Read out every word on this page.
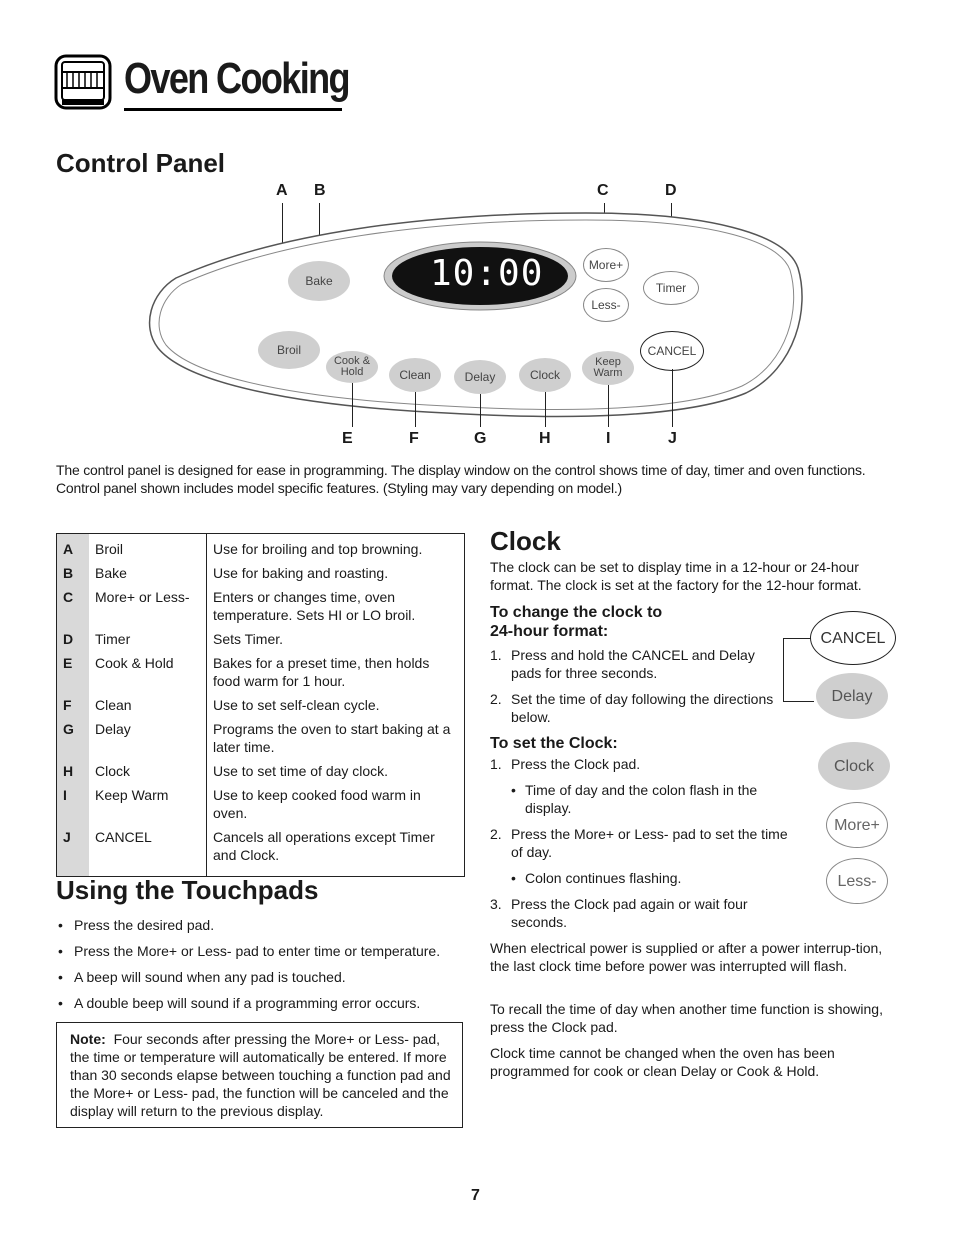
Oven Cooking
Control Panel
A B	C	D
10:00
Bake
Broil
More+
Less-
Timer
CANCEL
Cook &
Hold	Clean	Delay	Clock
Keep
Warm
E	F	G	H	I	J
The control panel is designed for ease in programming. The display window on the control shows time of day, timer and oven functions. Control panel shown includes model specific features. (Styling may vary depending on model.)
A	Broil	Use for broiling and top browning.
B	Bake	Use for baking and roasting.
C	More+ or Less-	Enters or changes time, oven temperature. Sets HI or LO broil.
D	Timer	Sets Timer.
E	Cook & Hold	Bakes for a preset time, then holds food warm for 1 hour.
F	Clean	Use to set self-clean cycle.
G	Delay	Programs the oven to start baking at a later time.
H	Clock	Use to set time of day clock.
I	Keep Warm	Use to keep cooked food warm in oven.
J	CANCEL	Cancels all operations except Timer and Clock.
Using the Touchpads
• Press the desired pad.
• Press the More+ or Less- pad to enter time or temperature.
• A beep will sound when any pad is touched.
• A double beep will sound if a programming error occurs.
Note: Four seconds after pressing the More+ or Less- pad, the time or temperature will automatically be entered. If more than 30 seconds elapse between touching a function pad and the More+ or Less- pad, the function will be canceled and the display will return to the previous display.
Clock
The clock can be set to display time in a 12-hour or 24-hour format. The clock is set at the factory for the 12-hour format.
To change the clock to
24-hour format:
1. Press and hold the CANCEL and Delay pads for three seconds.
2. Set the time of day following the directions below.
To set the Clock:
1. Press the Clock pad.
• Time of day and the colon flash in the display.
2. Press the More+ or Less- pad to set the time of day.
• Colon continues flashing.
3. Press the Clock pad again or wait four seconds.
When electrical power is supplied or after a power interrup-tion, the last clock time before power was interrupted will flash.
To recall the time of day when another time function is showing, press the Clock pad.
Clock time cannot be changed when the oven has been programmed for cook or clean Delay or Cook & Hold.
CANCEL
Delay
Clock
More+
Less-
7
